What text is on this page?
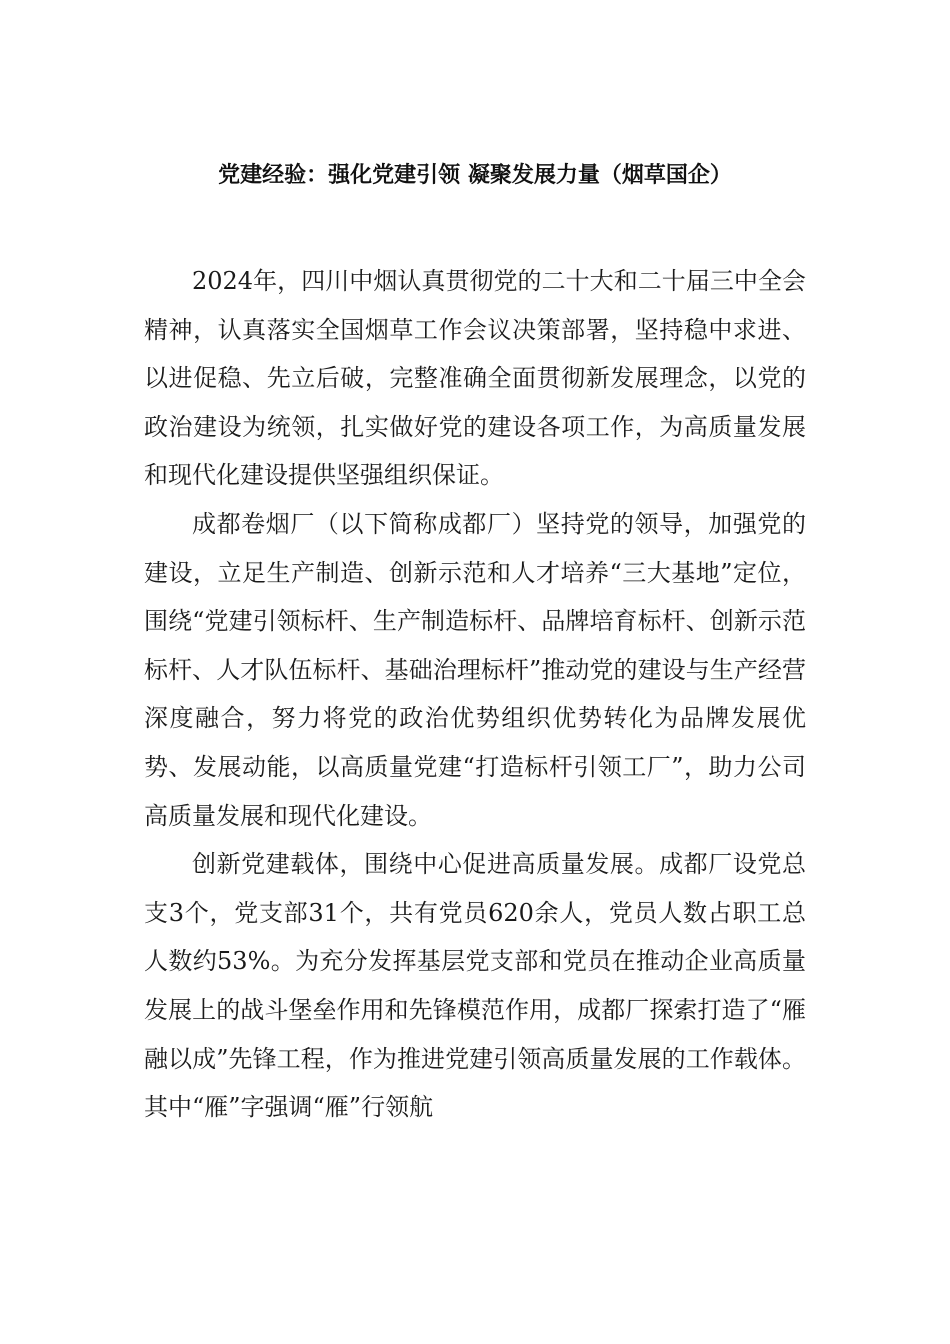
党建经验：强化党建引领 凝聚发展力量（烟草国企）

2024年，四川中烟认真贯彻党的二十大和二十届三中全会精神，认真落实全国烟草工作会议决策部署，坚持稳中求进、以进促稳、先立后破，完整准确全面贯彻新发展理念，以党的政治建设为统领，扎实做好党的建设各项工作，为高质量发展和现代化建设提供坚强组织保证。

成都卷烟厂（以下简称成都厂）坚持党的领导，加强党的建设，立足生产制造、创新示范和人才培养“三大基地”定位，围绕“党建引领标杆、生产制造标杆、品牌培育标杆、创新示范标杆、人才队伍标杆、基础治理标杆”推动党的建设与生产经营深度融合，努力将党的政治优势组织优势转化为品牌发展优势、发展动能，以高质量党建“打造标杆引领工厂”，助力公司高质量发展和现代化建设。

创新党建载体，围绕中心促进高质量发展。成都厂设党总支3个，党支部31个，共有党员620余人，党员人数占职工总人数约53%。为充分发挥基层党支部和党员在推动企业高质量发展上的战斗堡垒作用和先锋模范作用，成都厂探索打造了“雁融以成”先锋工程，作为推进党建引领高质量发展的工作载体。其中“雁”字强调“雁”行领航
